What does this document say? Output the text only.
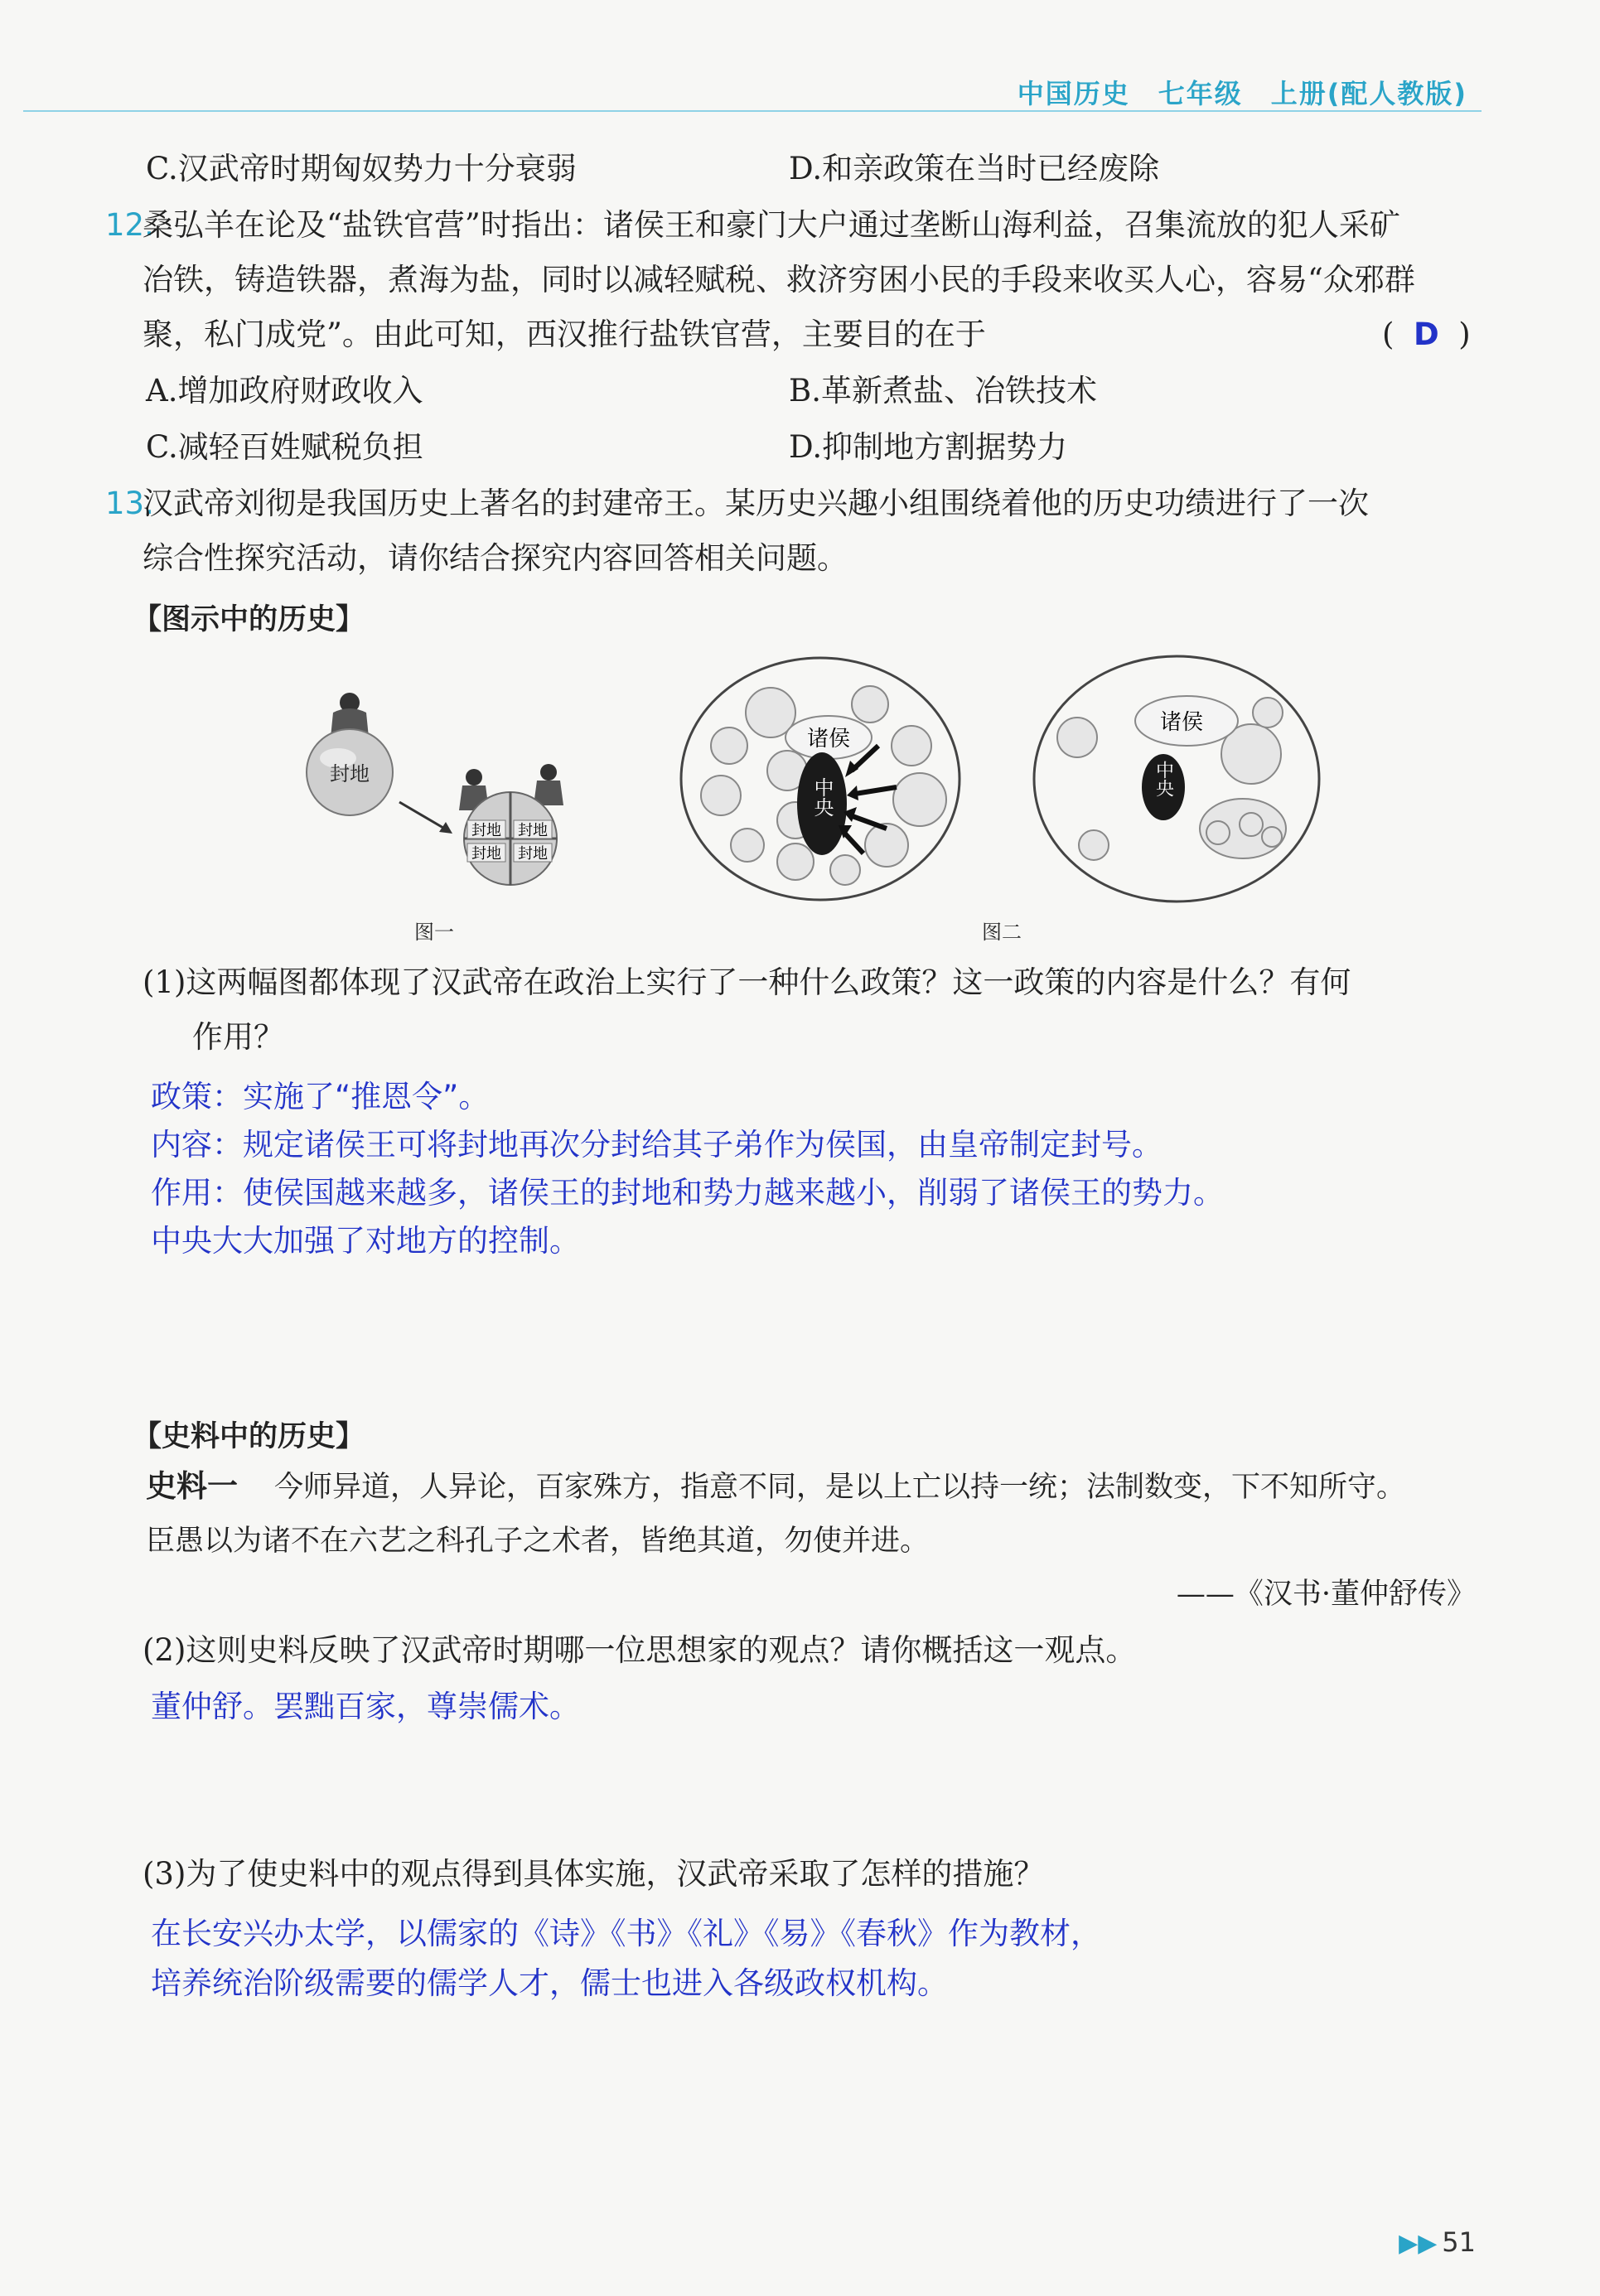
中国历史 七年级 上册(配人教版)
C.汉武帝时期匈奴势力十分衰弱	D.和亲政策在当时已经废除
12.
桑弘羊在论及“盐铁官营”时指出：诸侯王和豪门大户通过垄断山海利益，召集流放的犯人采矿
冶铁，铸造铁器，煮海为盐，同时以减轻赋税、救济穷困小民的手段来收买人心，容易“众邪群
聚，私门成党”。由此可知，西汉推行盐铁官营，主要目的在于	( D )
A.增加政府财政收入	B.革新煮盐、冶铁技术
C.减轻百姓赋税负担	D.抑制地方割据势力
13.
汉武帝刘彻是我国历史上著名的封建帝王。某历史兴趣小组围绕着他的历史功绩进行了一次
综合性探究活动，请你结合探究内容回答相关问题。
【图示中的历史】
封地
封地 封地
封地 封地
图一
诸侯
中央
诸侯
中央
图二
(1)这两幅图都体现了汉武帝在政治上实行了一种什么政策？这一政策的内容是什么？有何
作用？
政策：实施了“推恩令”。
内容：规定诸侯王可将封地再次分封给其子弟作为侯国，由皇帝制定封号。
作用：使侯国越来越多，诸侯王的封地和势力越来越小，削弱了诸侯王的势力。
中央大大加强了对地方的控制。
【史料中的历史】
史料一 今师异道，人异论，百家殊方，指意不同，是以上亡以持一统；法制数变，下不知所守。
臣愚以为诸不在六艺之科孔子之术者，皆绝其道，勿使并进。
——《汉书·董仲舒传》
(2)这则史料反映了汉武帝时期哪一位思想家的观点？请你概括这一观点。
董仲舒。罢黜百家，尊崇儒术。
(3)为了使史料中的观点得到具体实施，汉武帝采取了怎样的措施？
在长安兴办太学，以儒家的《诗》《书》《礼》《易》《春秋》作为教材，
培养统治阶级需要的儒学人才，儒士也进入各级政权机构。
▶▶ 51
